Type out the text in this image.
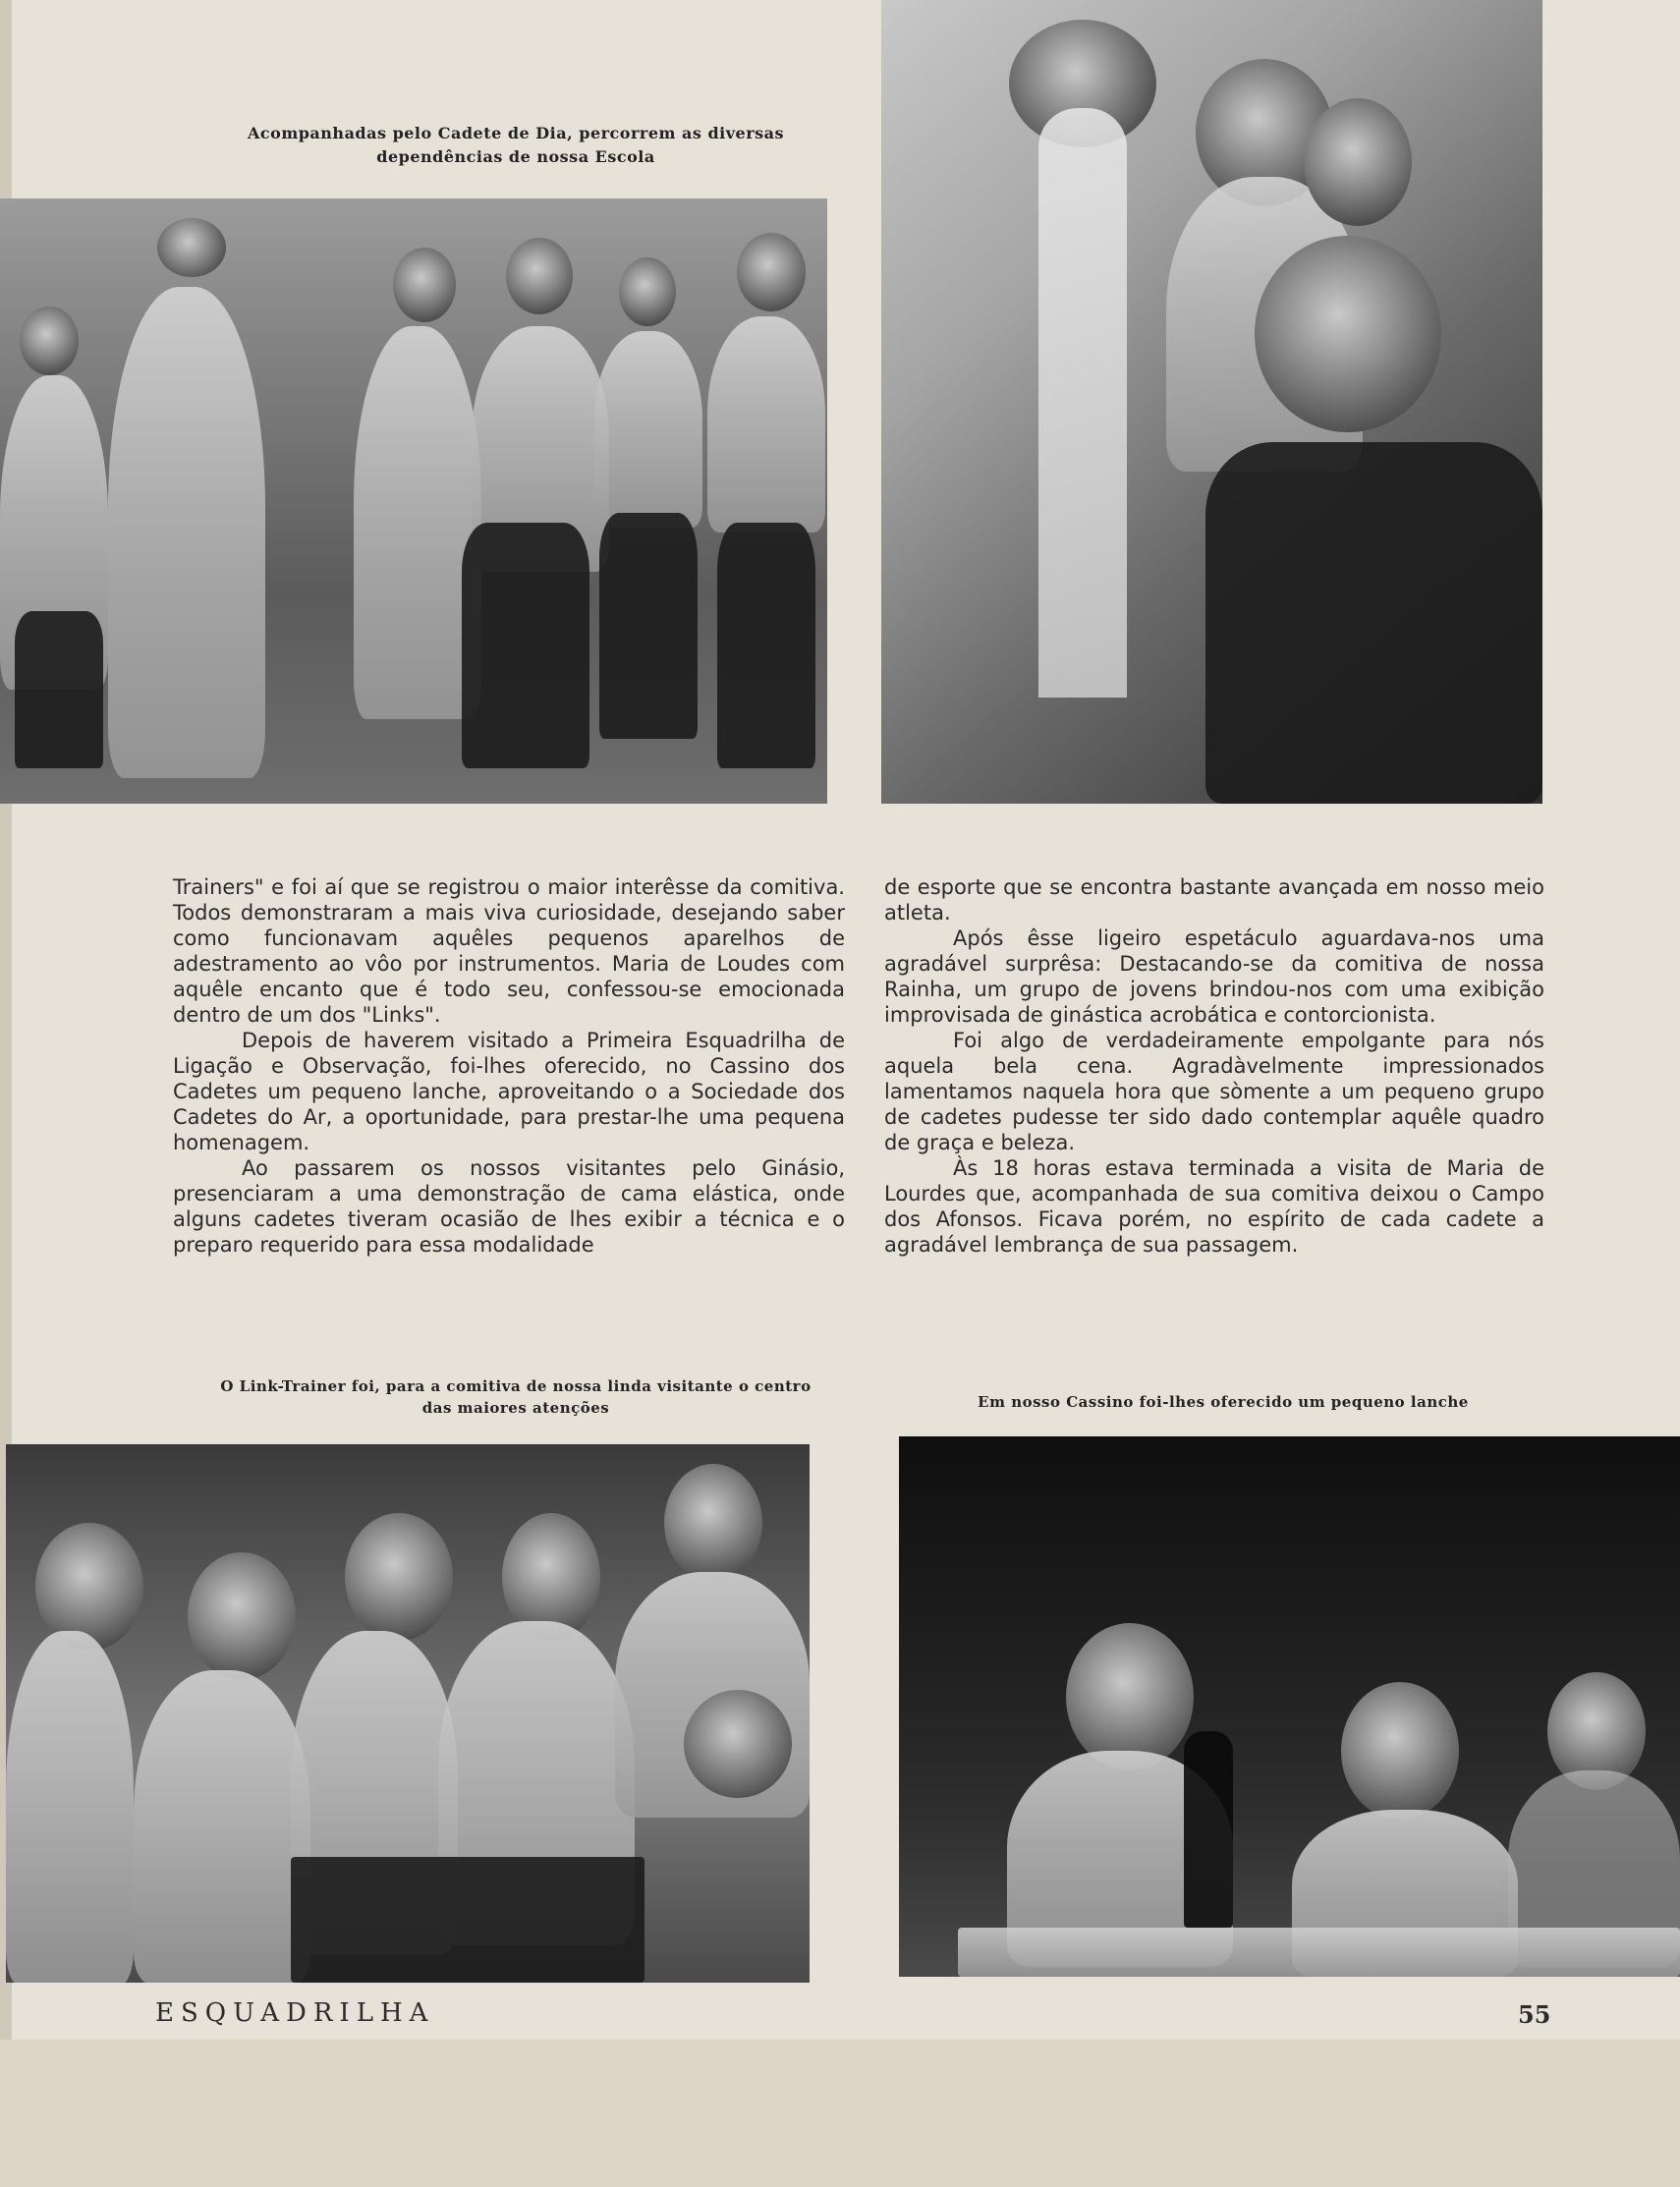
Acompanhadas pelo Cadete de Dia, percorrem as diversas dependências de nossa Escola

Trainers" e foi aí que se registrou o maior interêsse da comitiva. Todos demonstraram a mais viva curiosidade, desejando saber como funcionavam aquêles pequenos aparelhos de adestramento ao vôo por instrumentos. Maria de Loudes com aquêle encanto que é todo seu, confessou-se emocionada dentro de um dos "Links".

Depois de haverem visitado a Primeira Esquadrilha de Ligação e Observação, foi-lhes oferecido, no Cassino dos Cadetes um pequeno lanche, aproveitando o a Sociedade dos Cadetes do Ar, a oportunidade, para prestar-lhe uma pequena homenagem.

Ao passarem os nossos visitantes pelo Ginásio, presenciaram a uma demonstração de cama elástica, onde alguns cadetes tiveram ocasião de lhes exibir a técnica e o preparo requerido para essa modalidade

de esporte que se encontra bastante avançada em nosso meio atleta.

Após êsse ligeiro espetáculo aguardava-nos uma agradável surprêsa: Destacando-se da comitiva de nossa Rainha, um grupo de jovens brindou-nos com uma exibição improvisada de ginástica acrobática e contorcionista.

Foi algo de verdadeiramente empolgante para nós aquela bela cena. Agradàvelmente impressionados lamentamos naquela hora que sòmente a um pequeno grupo de cadetes pudesse ter sido dado contemplar aquêle quadro de graça e beleza.

Às 18 horas estava terminada a visita de Maria de Lourdes que, acompanhada de sua comitiva deixou o Campo dos Afonsos. Ficava porém, no espírito de cada cadete a agradável lembrança de sua passagem.

O Link-Trainer foi, para a comitiva de nossa linda visitante o centro das maiores atenções	Em nosso Cassino foi-lhes oferecido um pequeno lanche
ESQUADRILHA	55
